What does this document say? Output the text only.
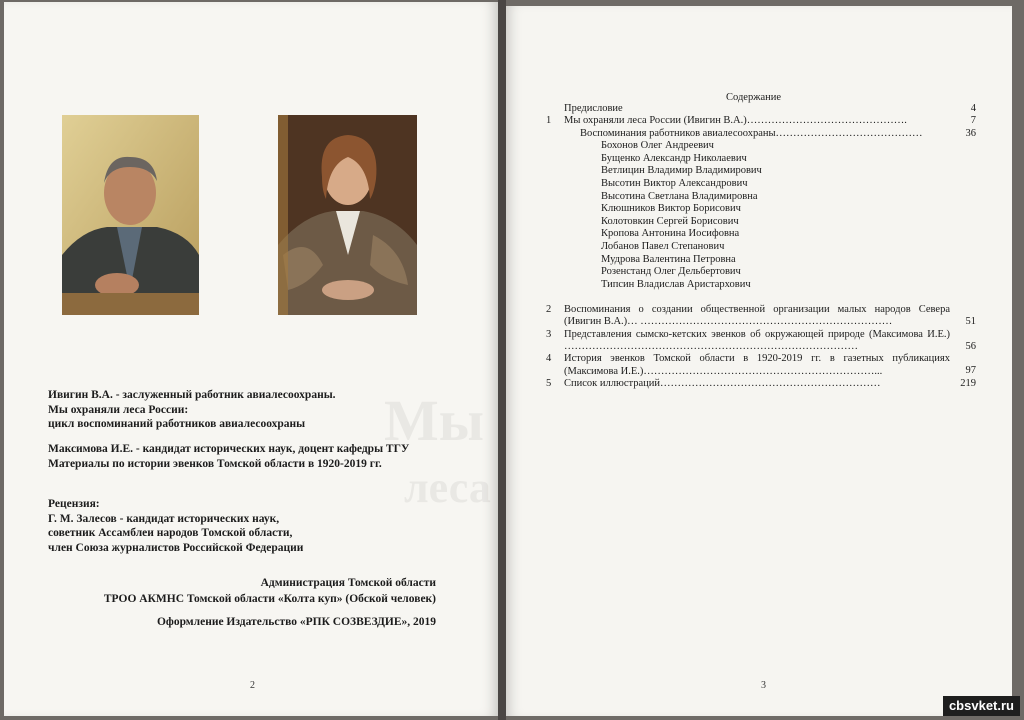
Мы
леса
Ивигин В.А. - заслуженный работник авиалесоохраны.
Мы охраняли леса России:
цикл воспоминаний работников авиалесоохраны
Максимова И.Е. - кандидат исторических наук, доцент кафедры ТГУ
Материалы по истории эвенков Томской области в 1920-2019 гг.
Рецензия:
Г. М. Залесов - кандидат исторических наук,
советник Ассамблеи народов Томской области,
член Союза журналистов Российской Федерации
Администрация Томской области
ТРОО АКМНС Томской области «Колта куп» (Обской человек)
Оформление Издательство «РПК СОЗВЕЗДИЕ», 2019
2
Содержание
Предисловие	4
1 Мы охраняли леса России (Ивигин В.А.)……………………………………….	7
Воспоминания работников авиалесоохраны……………………………………	36
Бохонов Олег Андреевич
Бущенко Александр Николаевич
Ветлицин Владимир Владимирович
Высотин Виктор Александрович
Высотина Светлана Владимировна
Клюшников Виктор Борисович
Колотовкин Сергей Борисович
Кропова Антонина Иосифовна
Лобанов Павел Степанович
Мудрова Валентина Петровна
Розенстанд Олег Дельбертович
Типсин Владислав Аристархович
2 Воспоминания о создании общественной организации малых народов Севера (Ивигин В.А.)… ………………………………………………………………	51
3 Представления сымско-кетских эвенков об окружающей природе (Максимова И.Е.) …………………………………………………………………………	56
4 История эвенков Томской области в 1920-2019 гг. в газетных публикациях (Максимова И.Е.)…………………………………………………………...	97
5 Список иллюстраций………………………………………………………	219
3
cbsvket.ru
